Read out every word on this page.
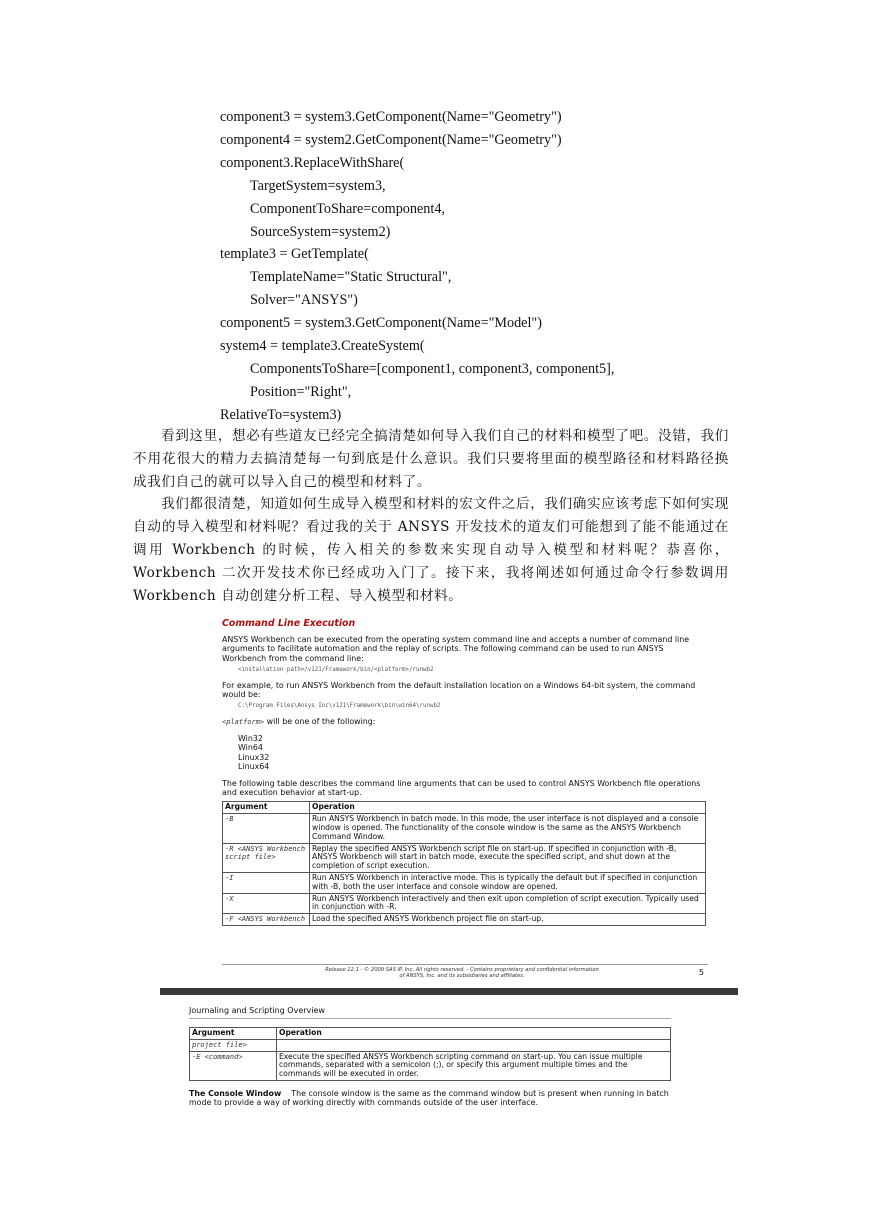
component3 = system3.GetComponent(Name="Geometry")
component4 = system2.GetComponent(Name="Geometry")
component3.ReplaceWithShare(
TargetSystem=system3,
ComponentToShare=component4,
SourceSystem=system2)
template3 = GetTemplate(
TemplateName="Static Structural",
Solver="ANSYS")
component5 = system3.GetComponent(Name="Model")
system4 = template3.CreateSystem(
ComponentsToShare=[component1, component3, component5],
Position="Right",
RelativeTo=system3)

看到这里，想必有些道友已经完全搞清楚如何导入我们自己的材料和模型了吧。没错，我们不用花很大的精力去搞清楚每一句到底是什么意识。我们只要将里面的模型路径和材料路径换成我们自己的就可以导入自己的模型和材料了。

我们都很清楚，知道如何生成导入模型和材料的宏文件之后，我们确实应该考虑下如何实现自动的导入模型和材料呢？看过我的关于 ANSYS 开发技术的道友们可能想到了能不能通过在调用 Workbench 的时候，传入相关的参数来实现自动导入模型和材料呢？恭喜你，Workbench 二次开发技术你已经成功入门了。接下来，我将阐述如何通过命令行参数调用 Workbench 自动创建分析工程、导入模型和材料。

Command Line Execution
ANSYS Workbench can be executed from the operating system command line and accepts a number of command line arguments to facilitate automation and the replay of scripts. The following command can be used to run ANSYS Workbench from the command line:
<installation path>/v121/Framework/bin/<platform>/runwb2
For example, to run ANSYS Workbench from the default installation location on a Windows 64-bit system, the command would be:
C:\Program Files\Ansys Inc\v121\Framework\bin\win64\runwb2
<platform> will be one of the following:
Win32
Win64
Linux32
Linux64
The following table describes the command line arguments that can be used to control ANSYS Workbench file operations and execution behavior at start-up.
Argument	Operation
-B	Run ANSYS Workbench in batch mode. In this mode, the user interface is not displayed and a console window is opened. The functionality of the console window is the same as the ANSYS Workbench Command Window.
-R <ANSYS Workbench script file>	Replay the specified ANSYS Workbench script file on start-up. If specified in conjunction with -B, ANSYS Workbench will start in batch mode, execute the specified script, and shut down at the completion of script execution.
-I	Run ANSYS Workbench in interactive mode. This is typically the default but if specified in conjunction with -B, both the user interface and console window are opened.
-X	Run ANSYS Workbench interactively and then exit upon completion of script execution. Typically used in conjunction with -R.
-F <ANSYS Workbench	Load the specified ANSYS Workbench project file on start-up.
Release 12.1 - © 2009 SAS IP, Inc. All rights reserved. - Contains proprietary and confidential information of ANSYS, Inc. and its subsidiaries and affiliates.	5
Journaling and Scripting Overview
Argument	Operation
project file>	
-E <command>	Execute the specified ANSYS Workbench scripting command on start-up. You can issue multiple commands, separated with a semicolon (;), or specify this argument multiple times and the commands will be executed in order.
The Console Window The console window is the same as the command window but is present when running in batch mode to provide a way of working directly with commands outside of the user interface.
